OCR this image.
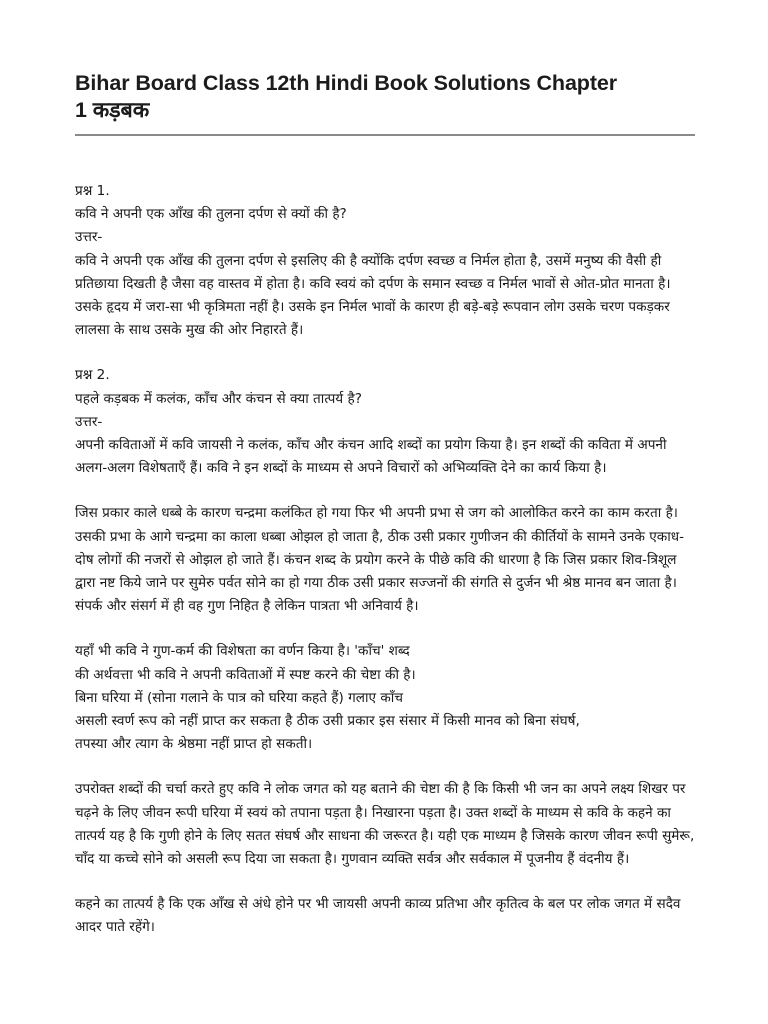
Bihar Board Class 12th Hindi Book Solutions Chapter
1 कड़बक
प्रश्न 1.
कवि ने अपनी एक आँख की तुलना दर्पण से क्यों की है?
उत्तर-
कवि ने अपनी एक आँख की तुलना दर्पण से इसलिए की है क्योंकि दर्पण स्वच्छ व निर्मल होता है, उसमें मनुष्य की वैसी ही प्रतिछाया दिखती है जैसा वह वास्तव में होता है। कवि स्वयं को दर्पण के समान स्वच्छ व निर्मल भावों से ओत-प्रोत मानता है। उसके हृदय में जरा-सा भी कृत्रिमता नहीं है। उसके इन निर्मल भावों के कारण ही बड़े-बड़े रूपवान लोग उसके चरण पकड़कर लालसा के साथ उसके मुख की ओर निहारते हैं।
प्रश्न 2.
पहले कड़बक में कलंक, काँच और कंचन से क्या तात्पर्य है?
उत्तर-
अपनी कविताओं में कवि जायसी ने कलंक, काँच और कंचन आदि शब्दों का प्रयोग किया है। इन शब्दों की कविता में अपनी अलग-अलग विशेषताएँ हैं। कवि ने इन शब्दों के माध्यम से अपने विचारों को अभिव्यक्ति देने का कार्य किया है।
जिस प्रकार काले धब्बे के कारण चन्द्रमा कलंकित हो गया फिर भी अपनी प्रभा से जग को आलोकित करने का काम करता है। उसकी प्रभा के आगे चन्द्रमा का काला धब्बा ओझल हो जाता है, ठीक उसी प्रकार गुणीजन की कीर्तियों के सामने उनके एकाध-दोष लोगों की नजरों से ओझल हो जाते हैं। कंचन शब्द के प्रयोग करने के पीछे कवि की धारणा है कि जिस प्रकार शिव-त्रिशूल द्वारा नष्ट किये जाने पर सुमेरु पर्वत सोने का हो गया ठीक उसी प्रकार सज्जनों की संगति से दुर्जन भी श्रेष्ठ मानव बन जाता है। संपर्क और संसर्ग में ही वह गुण निहित है लेकिन पात्रता भी अनिवार्य है।
यहाँ भी कवि ने गुण-कर्म की विशेषता का वर्णन किया है। 'काँच' शब्द
की अर्थवत्ता भी कवि ने अपनी कविताओं में स्पष्ट करने की चेष्टा की है।
बिना घरिया में (सोना गलाने के पात्र को घरिया कहते हैं) गलाए काँच
असली स्वर्ण रूप को नहीं प्राप्त कर सकता है ठीक उसी प्रकार इस संसार में किसी मानव को बिना संघर्ष,
तपस्या और त्याग के श्रेष्ठमा नहीं प्राप्त हो सकती।
उपरोक्त शब्दों की चर्चा करते हुए कवि ने लोक जगत को यह बताने की चेष्टा की है कि किसी भी जन का अपने लक्ष्य शिखर पर चढ़ने के लिए जीवन रूपी घरिया में स्वयं को तपाना पड़ता है। निखारना पड़ता है। उक्त शब्दों के माध्यम से कवि के कहने का तात्पर्य यह है कि गुणी होने के लिए सतत संघर्ष और साधना की जरूरत है। यही एक माध्यम है जिसके कारण जीवन रूपी सुमेरू, चाँद या कच्चे सोने को असली रूप दिया जा सकता है। गुणवान व्यक्ति सर्वत्र और सर्वकाल में पूजनीय हैं वंदनीय हैं।
कहने का तात्पर्य है कि एक आँख से अंधे होने पर भी जायसी अपनी काव्य प्रतिभा और कृतित्व के बल पर लोक जगत में सदैव आदर पाते रहेंगे।
